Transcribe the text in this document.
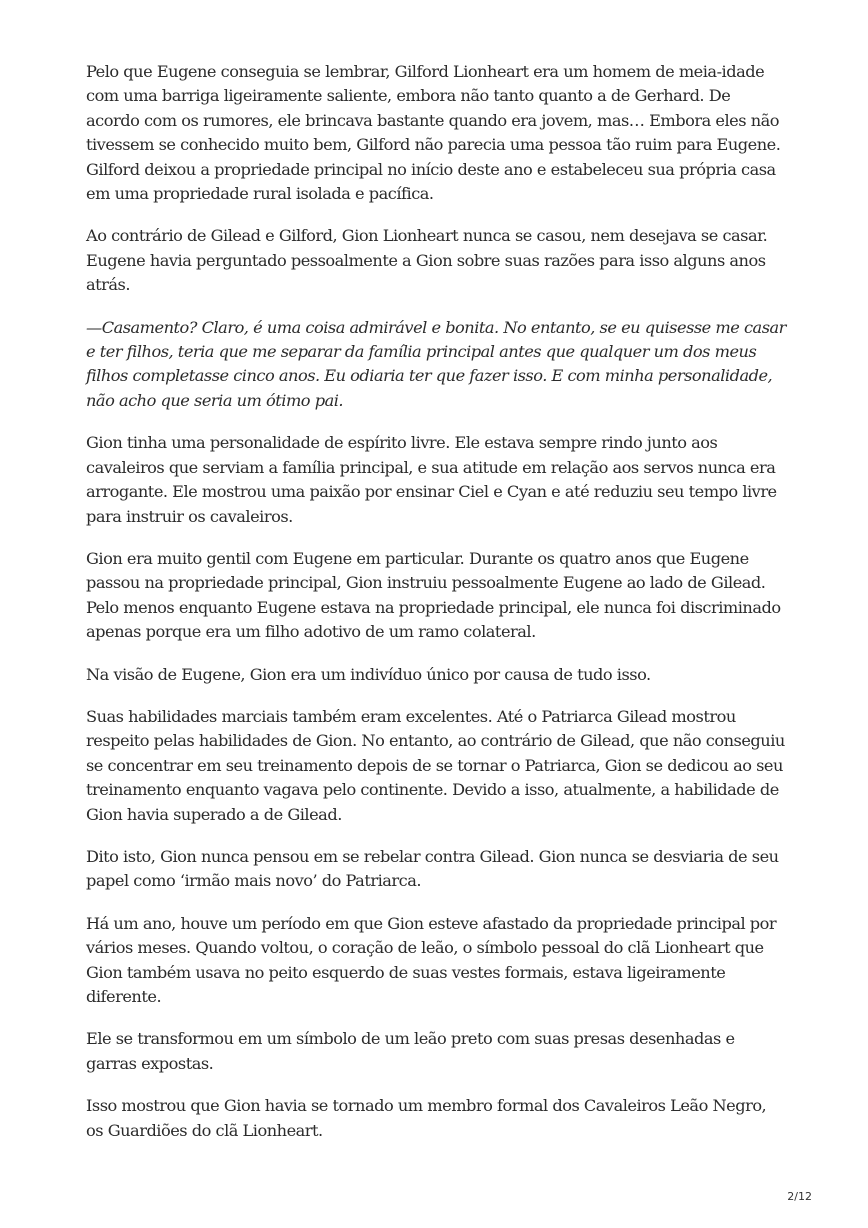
Pelo que Eugene conseguia se lembrar, Gilford Lionheart era um homem de meia-idade com uma barriga ligeiramente saliente, embora não tanto quanto a de Gerhard. De acordo com os rumores, ele brincava bastante quando era jovem, mas… Embora eles não tivessem se conhecido muito bem, Gilford não parecia uma pessoa tão ruim para Eugene. Gilford deixou a propriedade principal no início deste ano e estabeleceu sua própria casa em uma propriedade rural isolada e pacífica.

Ao contrário de Gilead e Gilford, Gion Lionheart nunca se casou, nem desejava se casar. Eugene havia perguntado pessoalmente a Gion sobre suas razões para isso alguns anos atrás.

—Casamento? Claro, é uma coisa admirável e bonita. No entanto, se eu quisesse me casar e ter filhos, teria que me separar da família principal antes que qualquer um dos meus filhos completasse cinco anos. Eu odiaria ter que fazer isso. E com minha personalidade, não acho que seria um ótimo pai.

Gion tinha uma personalidade de espírito livre. Ele estava sempre rindo junto aos cavaleiros que serviam a família principal, e sua atitude em relação aos servos nunca era arrogante. Ele mostrou uma paixão por ensinar Ciel e Cyan e até reduziu seu tempo livre para instruir os cavaleiros.

Gion era muito gentil com Eugene em particular. Durante os quatro anos que Eugene passou na propriedade principal, Gion instruiu pessoalmente Eugene ao lado de Gilead. Pelo menos enquanto Eugene estava na propriedade principal, ele nunca foi discriminado apenas porque era um filho adotivo de um ramo colateral.

Na visão de Eugene, Gion era um indivíduo único por causa de tudo isso.

Suas habilidades marciais também eram excelentes. Até o Patriarca Gilead mostrou respeito pelas habilidades de Gion. No entanto, ao contrário de Gilead, que não conseguiu se concentrar em seu treinamento depois de se tornar o Patriarca, Gion se dedicou ao seu treinamento enquanto vagava pelo continente. Devido a isso, atualmente, a habilidade de Gion havia superado a de Gilead.

Dito isto, Gion nunca pensou em se rebelar contra Gilead. Gion nunca se desviaria de seu papel como ‘irmão mais novo’ do Patriarca.

Há um ano, houve um período em que Gion esteve afastado da propriedade principal por vários meses. Quando voltou, o coração de leão, o símbolo pessoal do clã Lionheart que Gion também usava no peito esquerdo de suas vestes formais, estava ligeiramente diferente.

Ele se transformou em um símbolo de um leão preto com suas presas desenhadas e garras expostas.

Isso mostrou que Gion havia se tornado um membro formal dos Cavaleiros Leão Negro, os Guardiões do clã Lionheart.

2/12
